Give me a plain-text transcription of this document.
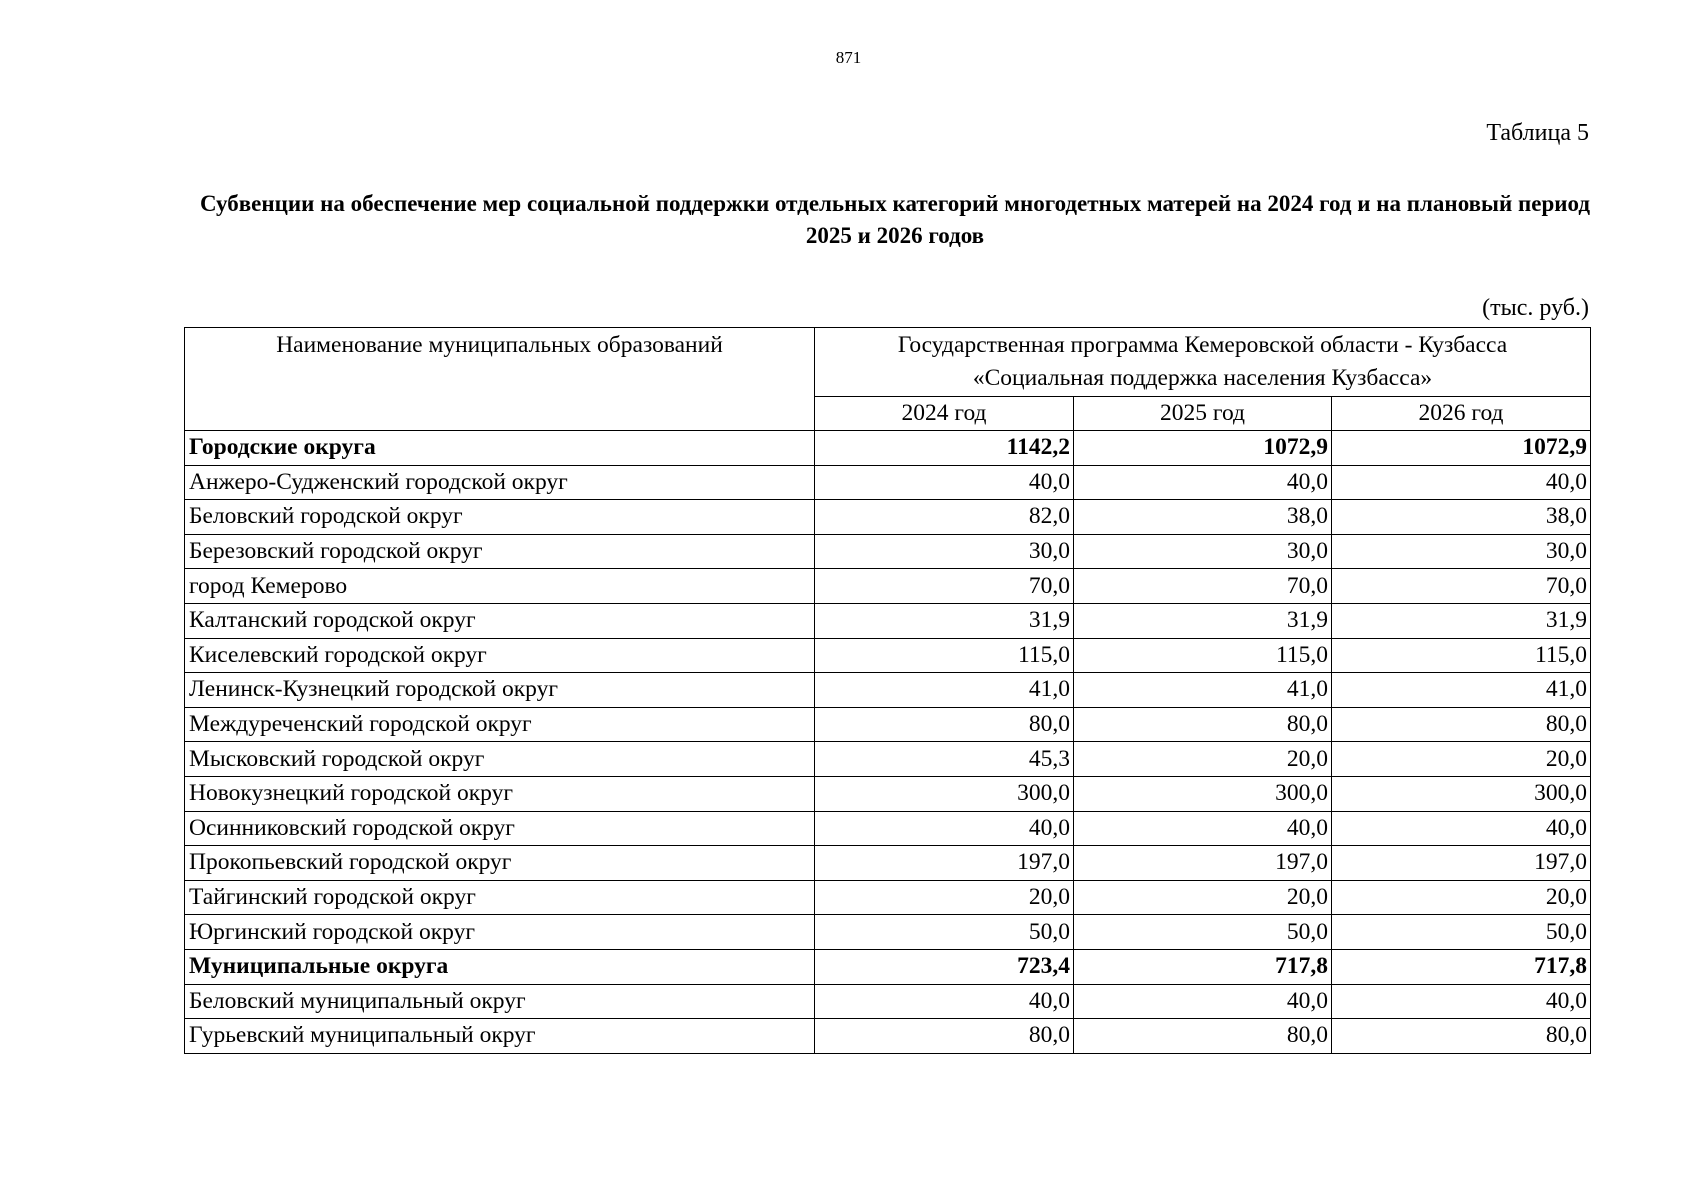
871
Таблица 5
Субвенции на обеспечение мер социальной поддержки отдельных категорий многодетных матерей на 2024 год и на плановый период 2025 и 2026 годов
(тыс. руб.)
Наименование муниципальных образований	Государственная программа Кемеровской области - Кузбасса
«Социальная поддержка населения Кузбасса»		

	2024 год	2025 год	2026 год
Городские округа	1142,2	1072,9	1072,9
Анжеро-Судженский городской округ	40,0	40,0	40,0
Беловский городской округ	82,0	38,0	38,0
Березовский городской округ	30,0	30,0	30,0
город Кемерово	70,0	70,0	70,0
Калтанский городской округ	31,9	31,9	31,9
Киселевский городской округ	115,0	115,0	115,0
Ленинск-Кузнецкий городской округ	41,0	41,0	41,0
Междуреченский городской округ	80,0	80,0	80,0
Мысковский городской округ	45,3	20,0	20,0
Новокузнецкий городской округ	300,0	300,0	300,0
Осинниковский городской округ	40,0	40,0	40,0
Прокопьевский городской округ	197,0	197,0	197,0
Тайгинский городской округ	20,0	20,0	20,0
Юргинский городской округ	50,0	50,0	50,0
Муниципальные округа	723,4	717,8	717,8
Беловский муниципальный округ	40,0	40,0	40,0
Гурьевский муниципальный округ	80,0	80,0	80,0
